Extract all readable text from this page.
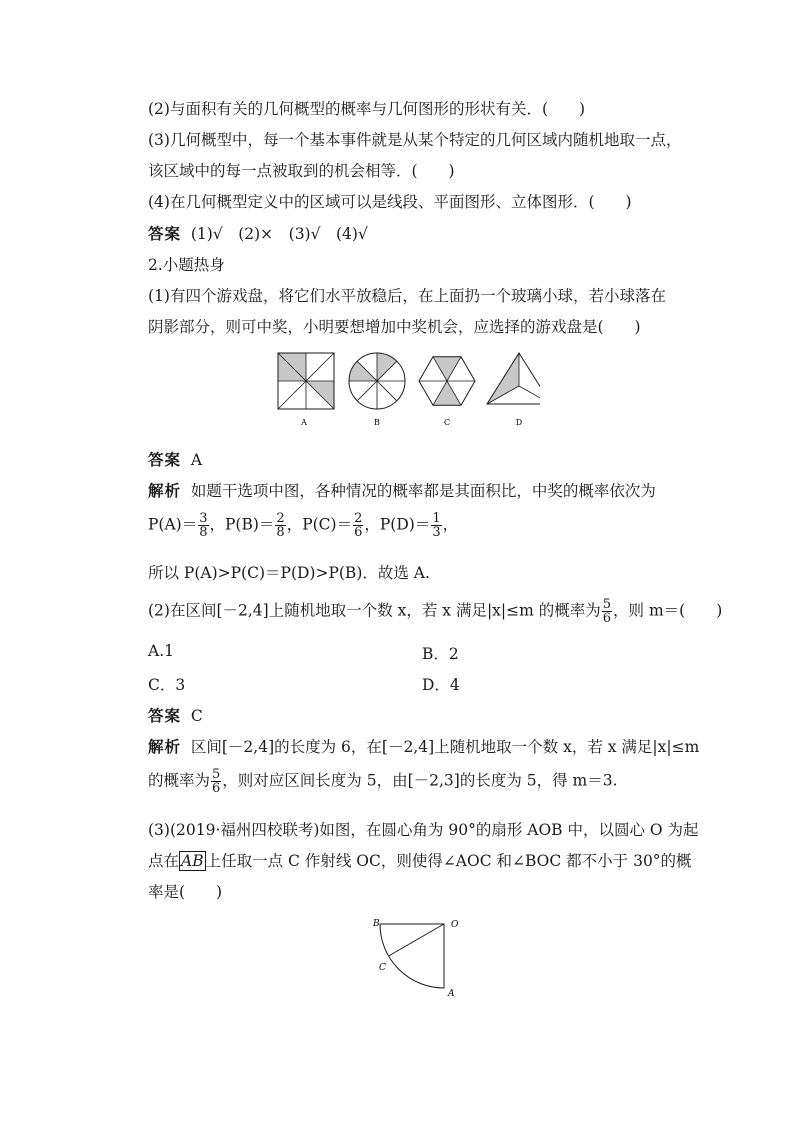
(2)与面积有关的几何概型的概率与几何图形的形状有关．(　　)
(3)几何概型中，每一个基本事件就是从某个特定的几何区域内随机地取一点，
该区域中的每一点被取到的机会相等．(　　)
(4)在几何概型定义中的区域可以是线段、平面图形、立体图形．(　　)
答案 (1)√　(2)×　(3)√　(4)√
2.小题热身
(1)有四个游戏盘，将它们水平放稳后，在上面扔一个玻璃小球，若小球落在
阴影部分，则可中奖，小明要想增加中奖机会，应选择的游戏盘是(　　)
A	B	C	D
答案 A
解析 如题干选项中图，各种情况的概率都是其面积比，中奖的概率依次为
$P(A)= \frac{3}{8}$ ，$P(B)= \frac{2}{8}$ ，$P(C)= \frac{2}{6}$ ，$P(D)= \frac{1}{3}$ ，
所以 P(A)>P(C)＝P(D)>P(B)．故选 A.
(2)在区间[－2,4]上随机地取一个数 x，若 x 满足|x|≤m 的概率为 $\frac{5}{6}$ ，则 m＝(　　)
A.1	B．2
C．3	D．4
答案 C
解析 区间[－2,4]的长度为 6，在[－2,4]上随机地取一个数 x，若 x 满足|x|≤m
的概率为 $\frac{5}{6}$ ，则对应区间长度为 5，由[－2,3]的长度为 5，得 m＝3.
(3)(2019·福州四校联考)如图，在圆心角为 90°的扇形 AOB 中，以圆心 O 为起
点在 AB 上任取一点 C 作射线 OC，则使得∠AOC 和∠BOC 都不小于 30°的概
率是(　　)
B	O
C
A
